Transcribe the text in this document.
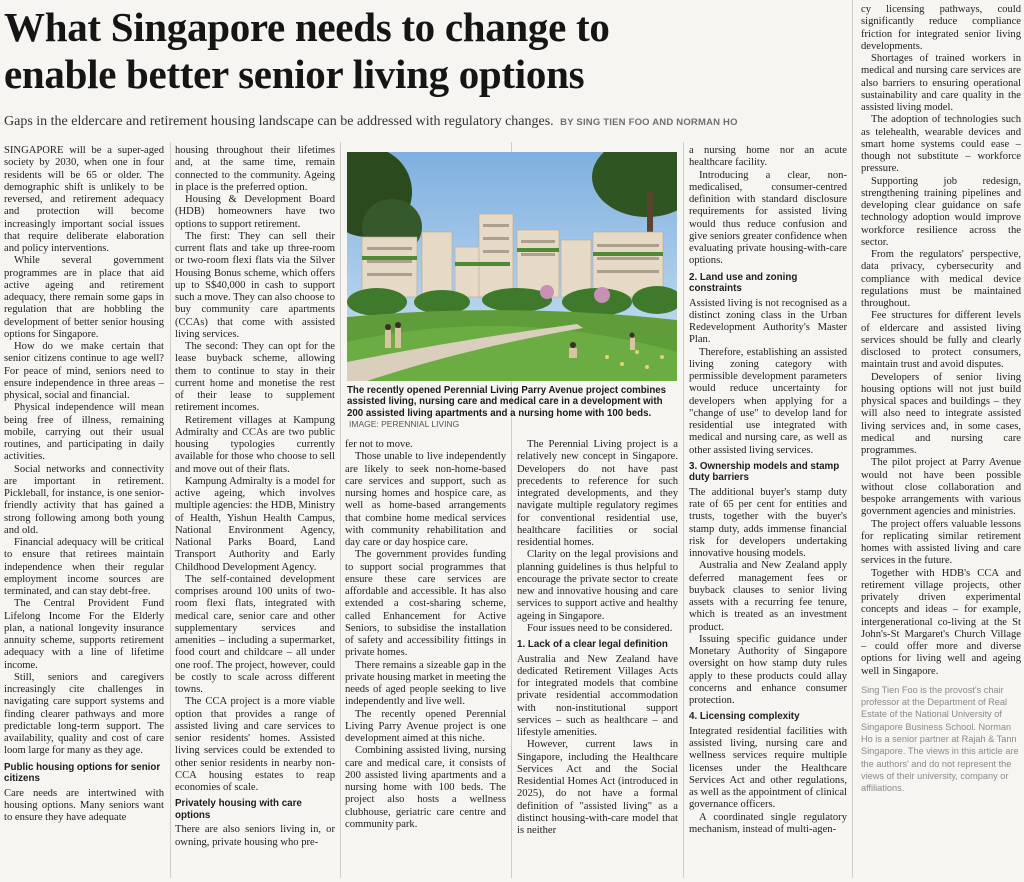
What Singapore needs to change to
enable better senior living options
Gaps in the eldercare and retirement housing landscape can be addressed with regulatory changes. BY SING TIEN FOO AND NORMAN HO

SINGAPORE will be a super-aged society by 2030, when one in four residents will be 65 or older. The demographic shift is unlikely to be reversed, and retirement adequacy and protection will become increasingly important social issues that require deliberate elaboration and policy interventions.

While several government programmes are in place that aid active ageing and retirement adequacy, there remain some gaps in regulation that are hobbling the development of better senior housing options for Singapore.

How do we make certain that senior citizens continue to age well? For peace of mind, seniors need to ensure independence in three areas – physical, social and financial.

Physical independence will mean being free of illness, remaining mobile, carrying out their usual routines, and participating in daily activities.

Social networks and connectivity are important in retirement. Pickleball, for instance, is one senior-friendly activity that has gained a strong following among both young and old.

Financial adequacy will be critical to ensure that retirees maintain independence when their regular employment income sources are terminated, and can stay debt-free.

The Central Provident Fund Lifelong Income For the Elderly plan, a national longevity insurance annuity scheme, supports retirement adequacy with a line of lifetime income.

Still, seniors and caregivers increasingly cite challenges in navigating care support systems and finding clearer pathways and more predictable long-term support. The availability, quality and cost of care loom large for many as they age.

Public housing options for senior citizens

Care needs are intertwined with housing options. Many seniors want to ensure they have adequate

housing throughout their lifetimes and, at the same time, remain connected to the community. Ageing in place is the preferred option.

Housing & Development Board (HDB) homeowners have two options to support retirement.

The first: They can sell their current flats and take up three-room or two-room flexi flats via the Silver Housing Bonus scheme, which offers up to S$40,000 in cash to support such a move. They can also choose to buy community care apartments (CCAs) that come with assisted living services.

The second: They can opt for the lease buyback scheme, allowing them to continue to stay in their current home and monetise the rest of their lease to supplement retirement incomes.

Retirement villages at Kampung Admiralty and CCAs are two public housing typologies currently available for those who choose to sell and move out of their flats.

Kampung Admiralty is a model for active ageing, which involves multiple agencies: the HDB, Ministry of Health, Yishun Health Campus, National Environment Agency, National Parks Board, Land Transport Authority and Early Childhood Development Agency.

The self-contained development comprises around 100 units of two-room flexi flats, integrated with medical care, senior care and other supplementary services and amenities – including a supermarket, food court and childcare – all under one roof. The project, however, could be costly to scale across different towns.

The CCA project is a more viable option that provides a range of assisted living and care services to senior residents' homes. Assisted living services could be extended to other senior residents in nearby non-CCA housing estates to reap economies of scale.

Privately housing with care options

There are also seniors living in, or owning, private housing who pre-

The recently opened Perennial Living Parry Avenue project combines assisted living, nursing care and medical care in a development with 200 assisted living apartments and a nursing home with 100 beds. IMAGE: PERENNIAL LIVING

fer not to move.

Those unable to live independently are likely to seek non-home-based care services and support, such as nursing homes and hospice care, as well as home-based arrangements that combine home medical services with community rehabilitation and day care or day hospice care.

The government provides funding to support social programmes that ensure these care services are affordable and accessible. It has also extended a cost-sharing scheme, called Enhancement for Active Seniors, to subsidise the installation of safety and accessibility fittings in private homes.

There remains a sizeable gap in the private housing market in meeting the needs of aged people seeking to live independently and live well.

The recently opened Perennial Living Parry Avenue project is one development aimed at this niche.

Combining assisted living, nursing care and medical care, it consists of 200 assisted living apartments and a nursing home with 100 beds. The project also hosts a wellness clubhouse, geriatric care centre and community park.

The Perennial Living project is a relatively new concept in Singapore. Developers do not have past precedents to reference for such integrated developments, and they navigate multiple regulatory regimes for conventional residential use, healthcare facilities or social residential homes.

Clarity on the legal provisions and planning guidelines is thus helpful to encourage the private sector to create new and innovative housing and care services to support active and healthy ageing in Singapore.

Four issues need to be considered.

1. Lack of a clear legal definition

Australia and New Zealand have dedicated Retirement Villages Acts for integrated models that combine private residential accommodation with non-institutional support services – such as healthcare – and lifestyle amenities.

However, current laws in Singapore, including the Healthcare Services Act and the Social Residential Homes Act (introduced in 2025), do not have a formal definition of "assisted living" as a distinct housing-with-care model that is neither

a nursing home nor an acute healthcare facility.

Introducing a clear, non-medicalised, consumer-centred definition with standard disclosure requirements for assisted living would thus reduce confusion and give seniors greater confidence when evaluating private housing-with-care options.

2. Land use and zoning constraints

Assisted living is not recognised as a distinct zoning class in the Urban Redevelopment Authority's Master Plan.

Therefore, establishing an assisted living zoning category with permissible development parameters would reduce uncertainty for developers when applying for a "change of use" to develop land for residential use integrated with medical and nursing care, as well as other assisted living services.

3. Ownership models and stamp duty barriers

The additional buyer's stamp duty rate of 65 per cent for entities and trusts, together with the buyer's stamp duty, adds immense financial risk for developers undertaking innovative housing models.

Australia and New Zealand apply deferred management fees or buyback clauses to senior living assets with a recurring fee tenure, which is treated as an investment product.

Issuing specific guidance under Monetary Authority of Singapore oversight on how stamp duty rules apply to these products could allay concerns and enhance consumer protection.

4. Licensing complexity

Integrated residential facilities with assisted living, nursing care and wellness services require multiple licenses under the Healthcare Services Act and other regulations, as well as the appointment of clinical governance officers.

A coordinated single regulatory mechanism, instead of multi-agen-

cy licensing pathways, could significantly reduce compliance friction for integrated senior living developments.

Shortages of trained workers in medical and nursing care services are also barriers to ensuring operational sustainability and care quality in the assisted living model.

The adoption of technologies such as telehealth, wearable devices and smart home systems could ease – though not substitute – workforce pressure.

Supporting job redesign, strengthening training pipelines and developing clear guidance on safe technology adoption would improve workforce resilience across the sector.

From the regulators' perspective, data privacy, cybersecurity and compliance with medical device regulations must be maintained throughout.

Fee structures for different levels of eldercare and assisted living services should be fully and clearly disclosed to protect consumers, maintain trust and avoid disputes.

Developers of senior living housing options will not just build physical spaces and buildings – they will also need to integrate assisted living services and, in some cases, medical and nursing care programmes.

The pilot project at Parry Avenue would not have been possible without close collaboration and bespoke arrangements with various government agencies and ministries.

The project offers valuable lessons for replicating similar retirement homes with assisted living and care services in the future.

Together with HDB's CCA and retirement village projects, other privately driven experimental concepts and ideas – for example, intergenerational co-living at the St John's-St Margaret's Church Village – could offer more and diverse options for living well and ageing well in Singapore.

Sing Tien Foo is the provost's chair professor at the Department of Real Estate of the National University of Singapore Business School. Norman Ho is a senior partner at Rajah & Tann Singapore. The views in this article are the authors' and do not represent the views of their university, company or affiliations.
